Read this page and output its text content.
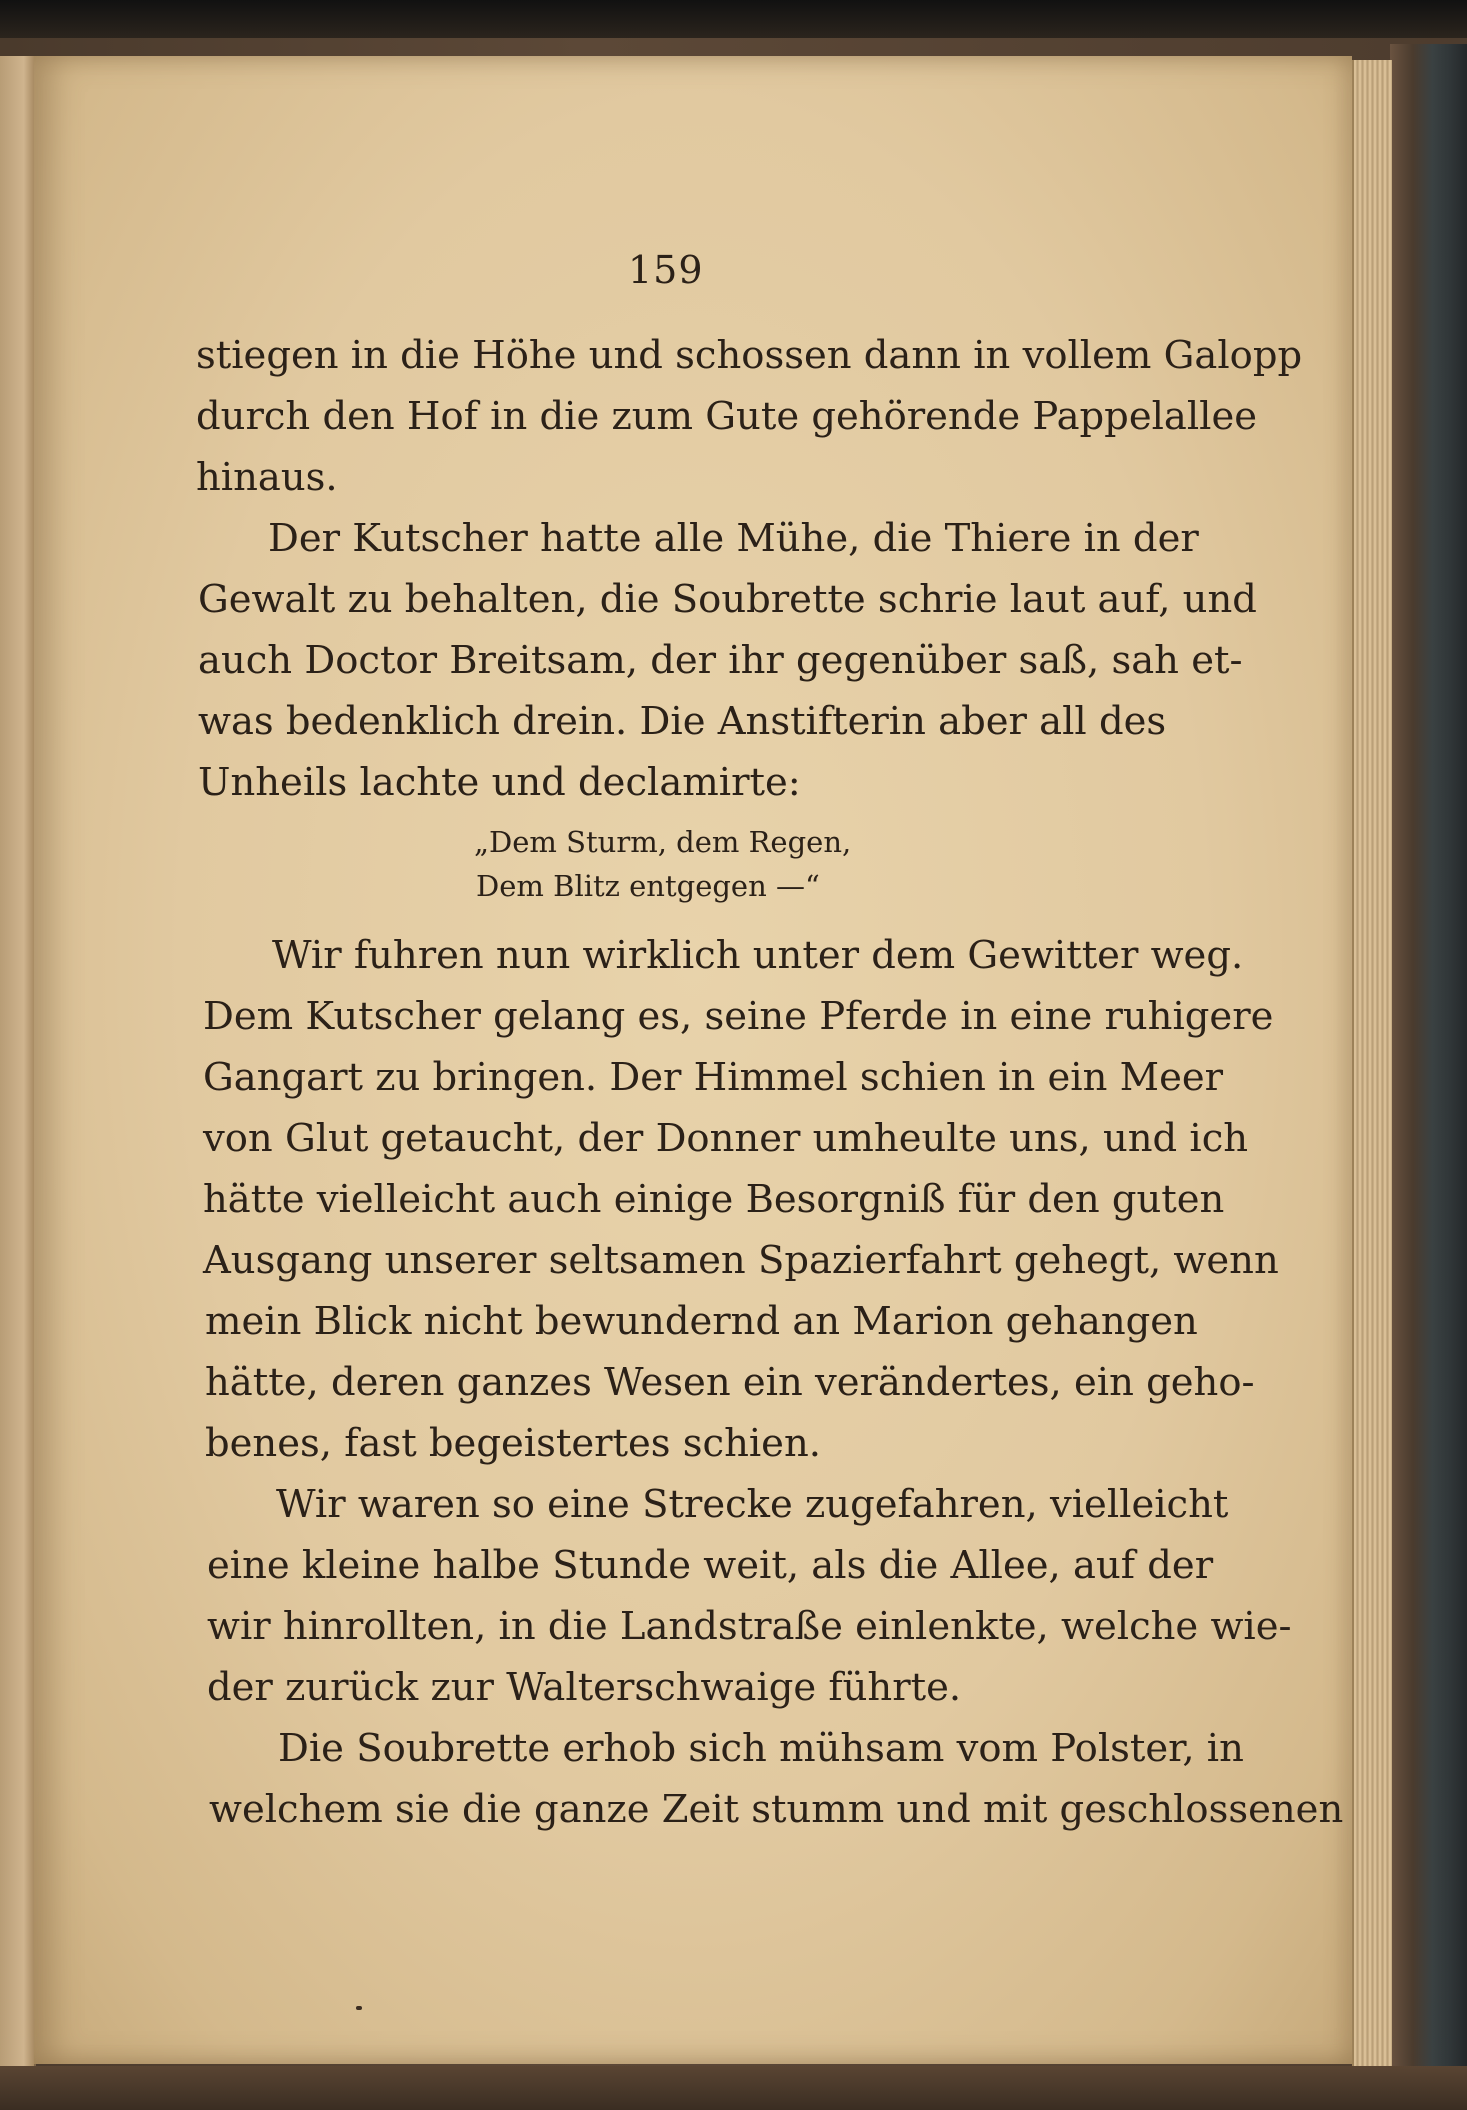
159

stiegen in die Höhe und schossen dann in vollem Galopp

durch den Hof in die zum Gute gehörende Pappelallee

hinaus.

Der Kutscher hatte alle Mühe, die Thiere in der

Gewalt zu behalten, die Soubrette schrie laut auf, und

auch Doctor Breitsam, der ihr gegenüber saß, sah et-

was bedenklich drein. Die Anstifterin aber all des

Unheils lachte und declamirte:

„Dem Sturm, dem Regen,

Dem Blitz entgegen —“

Wir fuhren nun wirklich unter dem Gewitter weg.

Dem Kutscher gelang es, seine Pferde in eine ruhigere

Gangart zu bringen. Der Himmel schien in ein Meer

von Glut getaucht, der Donner umheulte uns, und ich

hätte vielleicht auch einige Besorgniß für den guten

Ausgang unserer seltsamen Spazierfahrt gehegt, wenn

mein Blick nicht bewundernd an Marion gehangen

hätte, deren ganzes Wesen ein verändertes, ein geho-

benes, fast begeistertes schien.

Wir waren so eine Strecke zugefahren, vielleicht

eine kleine halbe Stunde weit, als die Allee, auf der

wir hinrollten, in die Landstraße einlenkte, welche wie-

der zurück zur Walterschwaige führte.

Die Soubrette erhob sich mühsam vom Polster, in

welchem sie die ganze Zeit stumm und mit geschlossenen
